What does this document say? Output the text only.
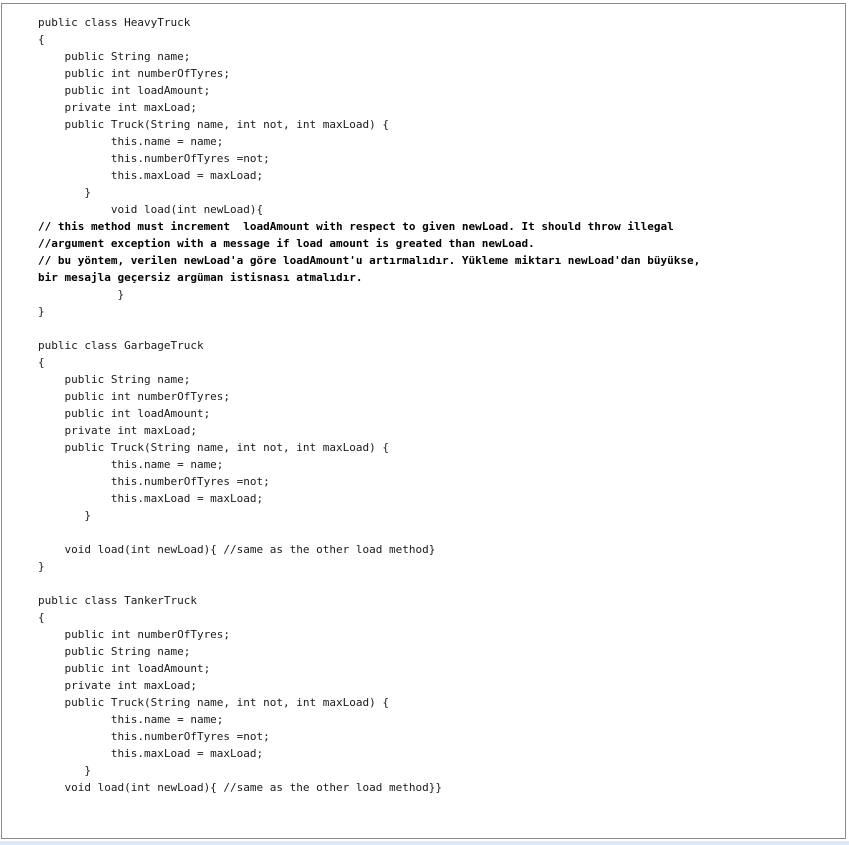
public class HeavyTruck
{
public String name;
public int numberOfTyres;
public int loadAmount;
private int maxLoad;
public Truck(String name, int not, int maxLoad) {
this.name = name;
this.numberOfTyres =not;
this.maxLoad = maxLoad;
}
void load(int newLoad){
// this method must increment  loadAmount with respect to given newLoad. It should throw illegal
//argument exception with a message if load amount is greated than newLoad.
// bu yöntem, verilen newLoad'a göre loadAmount'u artırmalıdır. Yükleme miktarı newLoad'dan büyükse,
bir mesajla geçersiz argüman istisnası atmalıdır.
}
}
public class GarbageTruck
{
public String name;
public int numberOfTyres;
public int loadAmount;
private int maxLoad;
public Truck(String name, int not, int maxLoad) {
this.name = name;
this.numberOfTyres =not;
this.maxLoad = maxLoad;
}
void load(int newLoad){ //same as the other load method}
}
public class TankerTruck
{
public int numberOfTyres;
public String name;
public int loadAmount;
private int maxLoad;
public Truck(String name, int not, int maxLoad) {
this.name = name;
this.numberOfTyres =not;
this.maxLoad = maxLoad;
}
void load(int newLoad){ //same as the other load method}}
